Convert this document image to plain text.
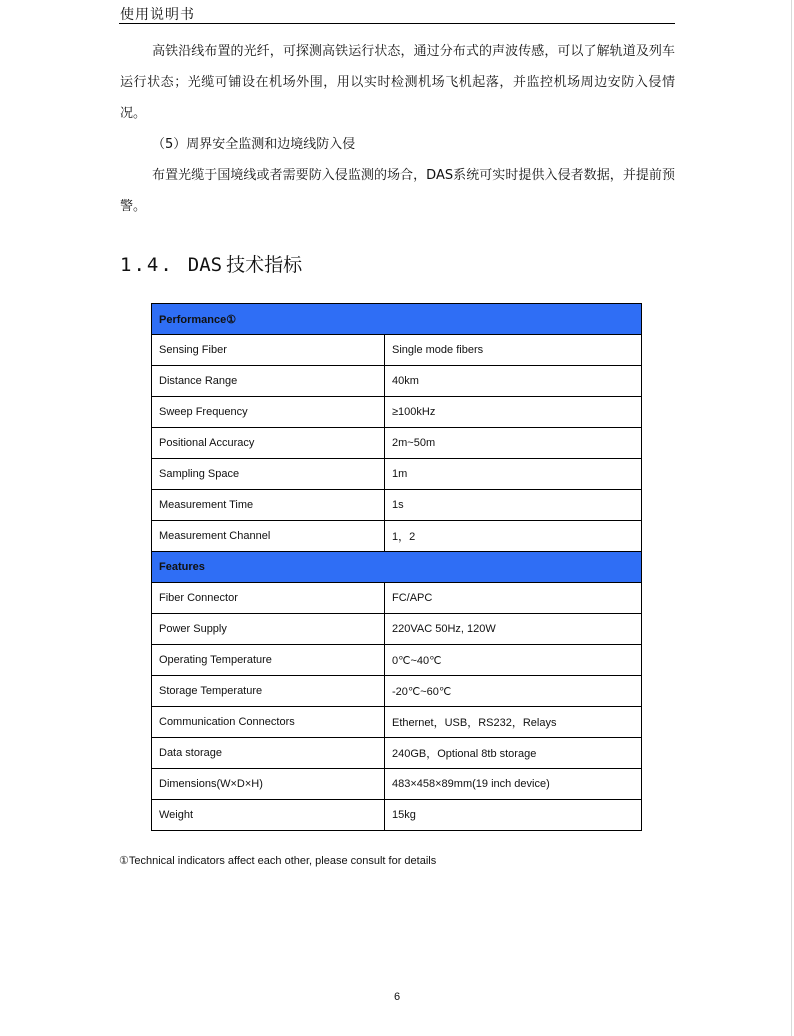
使用说明书

高铁沿线布置的光纤，可探测高铁运行状态，通过分布式的声波传感，可以了解轨道及列车运行状态；光缆可铺设在机场外围，用以实时检测机场飞机起落，并监控机场周边安防入侵情况。

（5）周界安全监测和边境线防入侵

布置光缆于国境线或者需要防入侵监测的场合，DAS系统可实时提供入侵者数据，并提前预警。

1.4. DAS 技术指标
Performance①	
Sensing Fiber	Single mode fibers
Distance Range	40km
Sweep Frequency	≥100kHz
Positional Accuracy	2m~50m
Sampling Space	1m
Measurement Time	1s
Measurement Channel	1，2
Features	
Fiber Connector	FC/APC
Power Supply	220VAC 50Hz, 120W
Operating Temperature	0℃~40℃
Storage Temperature	-20℃~60℃
Communication Connectors	Ethernet，USB，RS232，Relays
Data storage	240GB，Optional 8tb storage
Dimensions(W×D×H)	483×458×89mm(19 inch device)
Weight	15kg
①Technical indicators affect each other, please consult for details
6
